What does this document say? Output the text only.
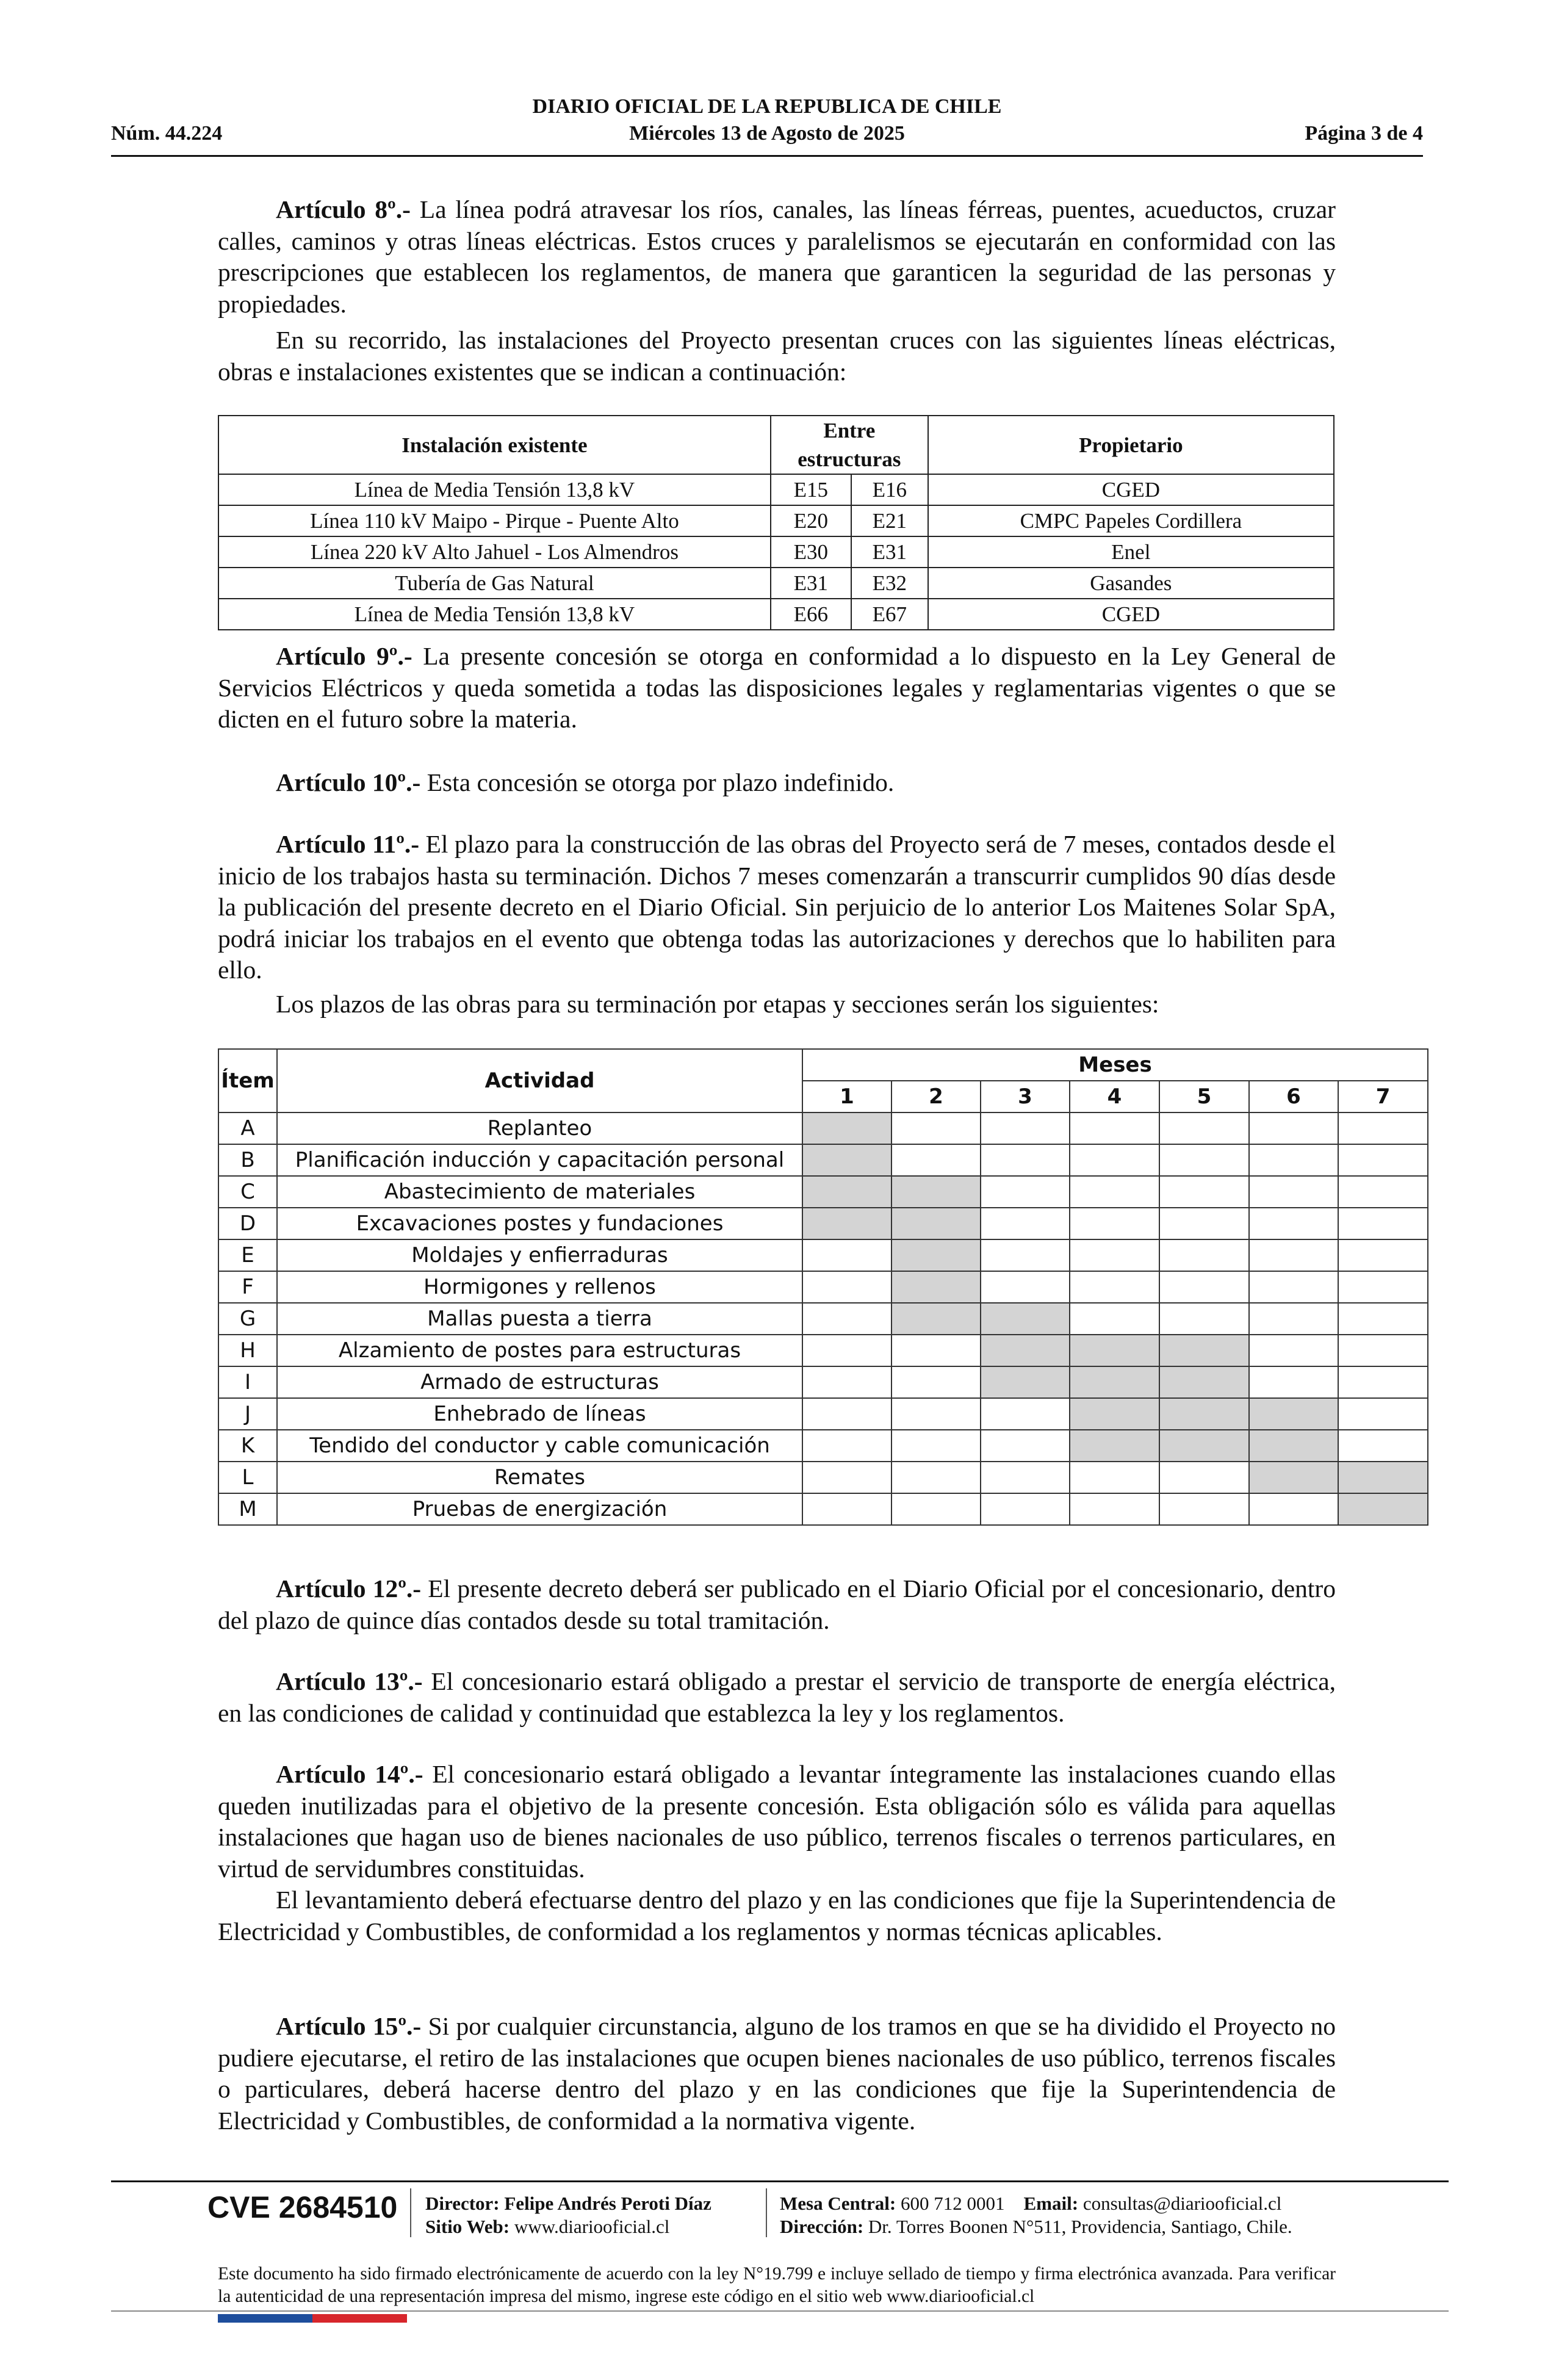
DIARIO OFICIAL DE LA REPUBLICA DE CHILE
Núm. 44.224	Miércoles 13 de Agosto de 2025	Página 3 de 4

Artículo 8º.- La línea podrá atravesar los ríos, canales, las líneas férreas, puentes, acueductos, cruzar calles, caminos y otras líneas eléctricas. Estos cruces y paralelismos se ejecutarán en conformidad con las prescripciones que establecen los reglamentos, de manera que garanticen la seguridad de las personas y propiedades.

En su recorrido, las instalaciones del Proyecto presentan cruces con las siguientes líneas eléctricas, obras e instalaciones existentes que se indican a continuación:

Instalación existente	Entre estructuras		Propietario
Línea de Media Tensión 13,8 kV	E15	E16	CGED
Línea 110 kV Maipo - Pirque - Puente Alto	E20	E21	CMPC Papeles Cordillera
Línea 220 kV Alto Jahuel - Los Almendros	E30	E31	Enel
Tubería de Gas Natural	E31	E32	Gasandes
Línea de Media Tensión 13,8 kV	E66	E67	CGED

Artículo 9º.- La presente concesión se otorga en conformidad a lo dispuesto en la Ley General de Servicios Eléctricos y queda sometida a todas las disposiciones legales y reglamentarias vigentes o que se dicten en el futuro sobre la materia.

Artículo 10º.- Esta concesión se otorga por plazo indefinido.

Artículo 11º.- El plazo para la construcción de las obras del Proyecto será de 7 meses, contados desde el inicio de los trabajos hasta su terminación. Dichos 7 meses comenzarán a transcurrir cumplidos 90 días desde la publicación del presente decreto en el Diario Oficial. Sin perjuicio de lo anterior Los Maitenes Solar SpA, podrá iniciar los trabajos en el evento que obtenga todas las autorizaciones y derechos que lo habiliten para ello.

Los plazos de las obras para su terminación por etapas y secciones serán los siguientes:

Ítem	Actividad	Meses						
		1	2	3	4	5	6	7
A	Replanteo							
B	Planificación inducción y capacitación personal							
C	Abastecimiento de materiales							
D	Excavaciones postes y fundaciones							
E	Moldajes y enfierraduras							
F	Hormigones y rellenos							
G	Mallas puesta a tierra							
H	Alzamiento de postes para estructuras							
I	Armado de estructuras							
J	Enhebrado de líneas							
K	Tendido del conductor y cable comunicación							
L	Remates							
M	Pruebas de energización							

Artículo 12º.- El presente decreto deberá ser publicado en el Diario Oficial por el concesionario, dentro del plazo de quince días contados desde su total tramitación.

Artículo 13º.- El concesionario estará obligado a prestar el servicio de transporte de energía eléctrica, en las condiciones de calidad y continuidad que establezca la ley y los reglamentos.

Artículo 14º.- El concesionario estará obligado a levantar íntegramente las instalaciones cuando ellas queden inutilizadas para el objetivo de la presente concesión. Esta obligación sólo es válida para aquellas instalaciones que hagan uso de bienes nacionales de uso público, terrenos fiscales o terrenos particulares, en virtud de servidumbres constituidas.

El levantamiento deberá efectuarse dentro del plazo y en las condiciones que fije la Superintendencia de Electricidad y Combustibles, de conformidad a los reglamentos y normas técnicas aplicables.

Artículo 15º.- Si por cualquier circunstancia, alguno de los tramos en que se ha dividido el Proyecto no pudiere ejecutarse, el retiro de las instalaciones que ocupen bienes nacionales de uso público, terrenos fiscales o particulares, deberá hacerse dentro del plazo y en las condiciones que fije la Superintendencia de Electricidad y Combustibles, de conformidad a la normativa vigente.

CVE 2684510 Director: Felipe Andrés Peroti Díaz
Sitio Web: www.diariooficial.cl
Mesa Central: 600 712 0001 Email: consultas@diariooficial.cl
Dirección: Dr. Torres Boonen N°511, Providencia, Santiago, Chile.
Este documento ha sido firmado electrónicamente de acuerdo con la ley N°19.799 e incluye sellado de tiempo y firma electrónica avanzada. Para verificar la autenticidad de una representación impresa del mismo, ingrese este código en el sitio web www.diariooficial.cl
